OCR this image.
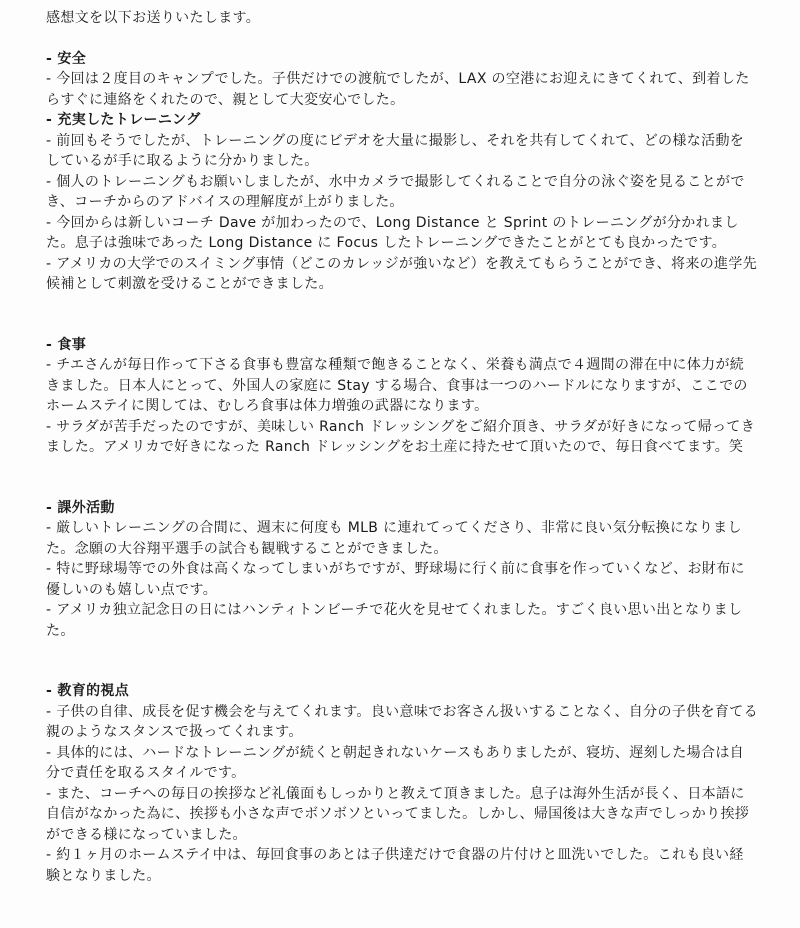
感想文を以下お送りいたします。

- 安全

- 今回は２度目のキャンプでした。子供だけでの渡航でしたが、LAX の空港にお迎えにきてくれて、到着したらすぐに連絡をくれたので、親として大変安心でした。

- 充実したトレーニング

- 前回もそうでしたが、トレーニングの度にビデオを大量に撮影し、それを共有してくれて、どの様な活動をしているが手に取るように分かりました。

- 個人のトレーニングもお願いしましたが、水中カメラで撮影してくれることで自分の泳ぐ姿を見ることができ、コーチからのアドバイスの理解度が上がりました。

- 今回からは新しいコーチ Dave が加わったので、Long Distance と Sprint のトレーニングが分かれました。息子は強味であった Long Distance に Focus したトレーニングできたことがとても良かったです。

- アメリカの大学でのスイミング事情（どこのカレッジが強いなど）を教えてもらうことができ、将来の進学先候補として刺激を受けることができました。

- 食事

- チエさんが毎日作って下さる食事も豊富な種類で飽きることなく、栄養も満点で４週間の滞在中に体力が続きました。日本人にとって、外国人の家庭に Stay する場合、食事は一つのハードルになりますが、ここでのホームステイに関しては、むしろ食事は体力増強の武器になります。

- サラダが苦手だったのですが、美味しい Ranch ドレッシングをご紹介頂き、サラダが好きになって帰ってきました。アメリカで好きになった Ranch ドレッシングをお土産に持たせて頂いたので、毎日食べてます。笑

- 課外活動

- 厳しいトレーニングの合間に、週末に何度も MLB に連れてってくださり、非常に良い気分転換になりました。念願の大谷翔平選手の試合も観戦することができました。

- 特に野球場等での外食は高くなってしまいがちですが、野球場に行く前に食事を作っていくなど、お財布に優しいのも嬉しい点です。

- アメリカ独立記念日の日にはハンティトンビーチで花火を見せてくれました。すごく良い思い出となりました。

- 教育的視点

- 子供の自律、成長を促す機会を与えてくれます。良い意味でお客さん扱いすることなく、自分の子供を育てる親のようなスタンスで扱ってくれます。

- 具体的には、ハードなトレーニングが続くと朝起きれないケースもありましたが、寝坊、遅刻した場合は自分で責任を取るスタイルです。

- また、コーチへの毎日の挨拶など礼儀面もしっかりと教えて頂きました。息子は海外生活が長く、日本語に自信がなかった為に、挨拶も小さな声でボソボソといってました。しかし、帰国後は大きな声でしっかり挨拶ができる様になっていました。

- 約１ヶ月のホームステイ中は、毎回食事のあとは子供達だけで食器の片付けと皿洗いでした。これも良い経験となりました。
